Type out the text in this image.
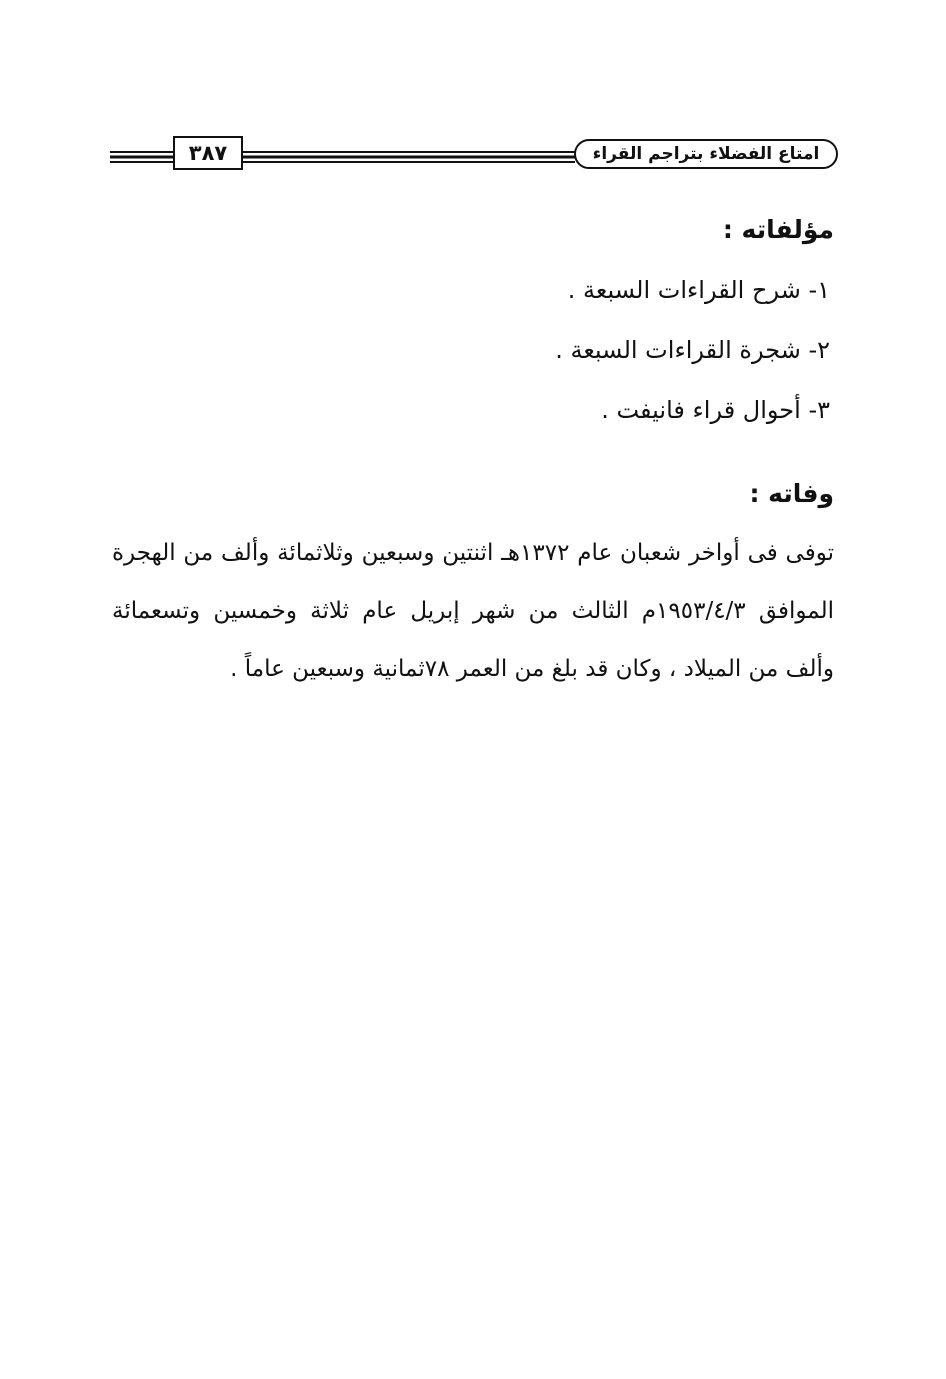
٣٨٧	امتاع الفضلاء بتراجم القراء
مؤلفاته :
١- شرح القراءات السبعة .
٢- شجرة القراءات السبعة .
٣- أحوال قراء فانيفت .
وفاته :

توفى فى أواخر شعبان عام ١٣٧٢هـ اثنتين وسبعين وثلاثمائة وألف من الهجرة الموافق ١٩٥٣/٤/٣م الثالث من شهر إبريل عام ثلاثة وخمسين وتسعمائة وألف من الميلاد ، وكان قد بلغ من العمر ٧٨ثمانية وسبعين عاماً .
